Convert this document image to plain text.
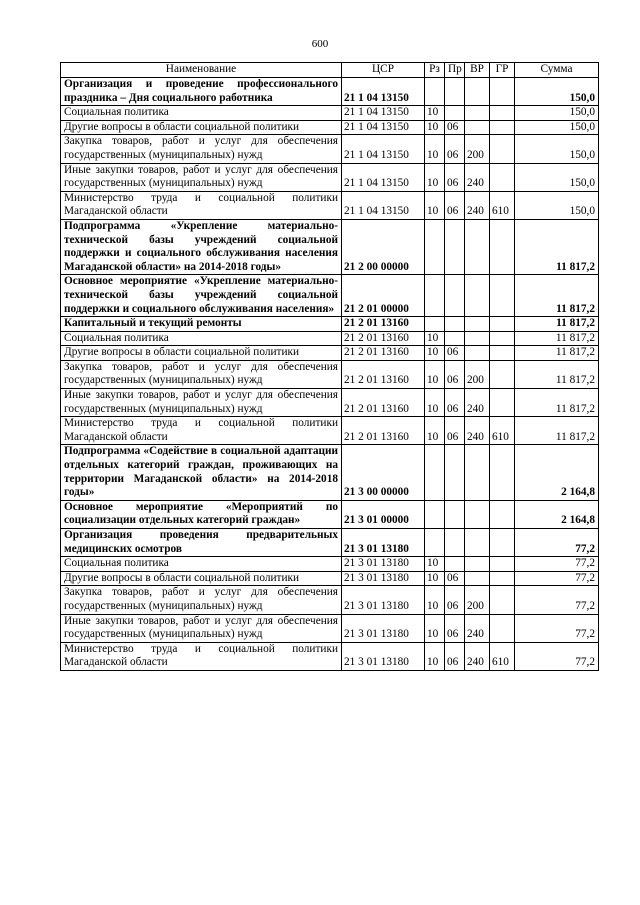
600
Наименование	ЦСР	Рз	Пр	ВР	ГР	Сумма
Организация и проведение профессионального праздника – Дня социального работника	21 1 04 13150					150,0
Социальная политика	21 1 04 13150	10				150,0
Другие вопросы в области социальной политики	21 1 04 13150	10	06			150,0
Закупка товаров, работ и услуг для обеспечения государственных (муниципальных) нужд	21 1 04 13150	10	06	200		150,0
Иные закупки товаров, работ и услуг для обеспечения государственных (муниципальных) нужд	21 1 04 13150	10	06	240		150,0
Министерство труда и социальной политики Магаданской области	21 1 04 13150	10	06	240	610	150,0
Подпрограмма «Укрепление материально-технической базы учреждений социальной поддержки и социального обслуживания населения Магаданской области» на 2014-2018 годы»	21 2 00 00000					11 817,2
Основное мероприятие «Укрепление материально-технической базы учреждений социальной поддержки и социального обслуживания населения»	21 2 01 00000					11 817,2
Капитальный и текущий ремонты	21 2 01 13160					11 817,2
Социальная политика	21 2 01 13160	10				11 817,2
Другие вопросы в области социальной политики	21 2 01 13160	10	06			11 817,2
Закупка товаров, работ и услуг для обеспечения государственных (муниципальных) нужд	21 2 01 13160	10	06	200		11 817,2
Иные закупки товаров, работ и услуг для обеспечения государственных (муниципальных) нужд	21 2 01 13160	10	06	240		11 817,2
Министерство труда и социальной политики Магаданской области	21 2 01 13160	10	06	240	610	11 817,2
Подпрограмма «Содействие в социальной адаптации отдельных категорий граждан, проживающих на территории Магаданской области» на 2014-2018 годы»	21 3 00 00000					2 164,8
Основное мероприятие «Мероприятий по социализации отдельных категорий граждан»	21 3 01 00000					2 164,8
Организация проведения предварительных медицинских осмотров	21 3 01 13180					77,2
Социальная политика	21 3 01 13180	10				77,2
Другие вопросы в области социальной политики	21 3 01 13180	10	06			77,2
Закупка товаров, работ и услуг для обеспечения государственных (муниципальных) нужд	21 3 01 13180	10	06	200		77,2
Иные закупки товаров, работ и услуг для обеспечения государственных (муниципальных) нужд	21 3 01 13180	10	06	240		77,2
Министерство труда и социальной политики Магаданской области	21 3 01 13180	10	06	240	610	77,2
